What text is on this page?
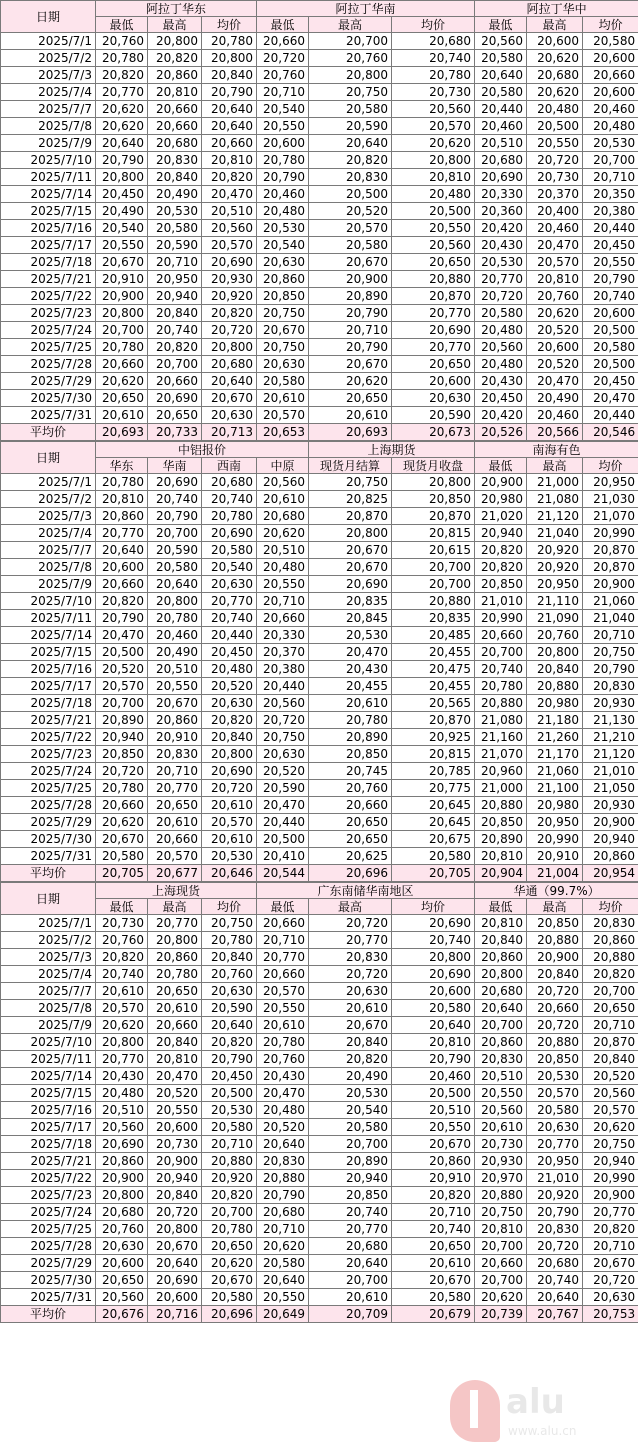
日期	阿拉丁华东			阿拉丁华南			阿拉丁华中		
	最低	最高	均价	最低	最高	均价	最低	最高	均价
2025/7/1	20,760	20,800	20,780	20,660	20,700	20,680	20,560	20,600	20,580
2025/7/2	20,780	20,820	20,800	20,720	20,760	20,740	20,580	20,620	20,600
2025/7/3	20,820	20,860	20,840	20,760	20,800	20,780	20,640	20,680	20,660
2025/7/4	20,770	20,810	20,790	20,710	20,750	20,730	20,580	20,620	20,600
2025/7/7	20,620	20,660	20,640	20,540	20,580	20,560	20,440	20,480	20,460
2025/7/8	20,620	20,660	20,640	20,550	20,590	20,570	20,460	20,500	20,480
2025/7/9	20,640	20,680	20,660	20,600	20,640	20,620	20,510	20,550	20,530
2025/7/10	20,790	20,830	20,810	20,780	20,820	20,800	20,680	20,720	20,700
2025/7/11	20,800	20,840	20,820	20,790	20,830	20,810	20,690	20,730	20,710
2025/7/14	20,450	20,490	20,470	20,460	20,500	20,480	20,330	20,370	20,350
2025/7/15	20,490	20,530	20,510	20,480	20,520	20,500	20,360	20,400	20,380
2025/7/16	20,540	20,580	20,560	20,530	20,570	20,550	20,420	20,460	20,440
2025/7/17	20,550	20,590	20,570	20,540	20,580	20,560	20,430	20,470	20,450
2025/7/18	20,670	20,710	20,690	20,630	20,670	20,650	20,530	20,570	20,550
2025/7/21	20,910	20,950	20,930	20,860	20,900	20,880	20,770	20,810	20,790
2025/7/22	20,900	20,940	20,920	20,850	20,890	20,870	20,720	20,760	20,740
2025/7/23	20,800	20,840	20,820	20,750	20,790	20,770	20,580	20,620	20,600
2025/7/24	20,700	20,740	20,720	20,670	20,710	20,690	20,480	20,520	20,500
2025/7/25	20,780	20,820	20,800	20,750	20,790	20,770	20,560	20,600	20,580
2025/7/28	20,660	20,700	20,680	20,630	20,670	20,650	20,480	20,520	20,500
2025/7/29	20,620	20,660	20,640	20,580	20,620	20,600	20,430	20,470	20,450
2025/7/30	20,650	20,690	20,670	20,610	20,650	20,630	20,450	20,490	20,470
2025/7/31	20,610	20,650	20,630	20,570	20,610	20,590	20,420	20,460	20,440
平均价	20,693	20,733	20,713	20,653	20,693	20,673	20,526	20,566	20,546
日期	中铝报价				上海期货		南海有色		
	华东	华南	西南	中原	现货月结算	现货月收盘	最低	最高	均价
2025/7/1	20,780	20,690	20,680	20,560	20,750	20,800	20,900	21,000	20,950
2025/7/2	20,810	20,740	20,740	20,610	20,825	20,850	20,980	21,080	21,030
2025/7/3	20,860	20,790	20,780	20,680	20,870	20,870	21,020	21,120	21,070
2025/7/4	20,770	20,700	20,690	20,620	20,800	20,815	20,940	21,040	20,990
2025/7/7	20,640	20,590	20,580	20,510	20,670	20,615	20,820	20,920	20,870
2025/7/8	20,600	20,580	20,540	20,480	20,670	20,700	20,820	20,920	20,870
2025/7/9	20,660	20,640	20,630	20,550	20,690	20,700	20,850	20,950	20,900
2025/7/10	20,820	20,800	20,770	20,710	20,835	20,880	21,010	21,110	21,060
2025/7/11	20,790	20,780	20,740	20,660	20,845	20,835	20,990	21,090	21,040
2025/7/14	20,470	20,460	20,440	20,330	20,530	20,485	20,660	20,760	20,710
2025/7/15	20,500	20,490	20,450	20,370	20,470	20,455	20,700	20,800	20,750
2025/7/16	20,520	20,510	20,480	20,380	20,430	20,475	20,740	20,840	20,790
2025/7/17	20,570	20,550	20,520	20,440	20,455	20,455	20,780	20,880	20,830
2025/7/18	20,700	20,670	20,630	20,560	20,610	20,565	20,880	20,980	20,930
2025/7/21	20,890	20,860	20,820	20,720	20,780	20,870	21,080	21,180	21,130
2025/7/22	20,940	20,910	20,840	20,750	20,890	20,925	21,160	21,260	21,210
2025/7/23	20,850	20,830	20,800	20,630	20,850	20,815	21,070	21,170	21,120
2025/7/24	20,720	20,710	20,690	20,520	20,745	20,785	20,960	21,060	21,010
2025/7/25	20,780	20,770	20,720	20,590	20,760	20,775	21,000	21,100	21,050
2025/7/28	20,660	20,650	20,610	20,470	20,660	20,645	20,880	20,980	20,930
2025/7/29	20,620	20,610	20,570	20,440	20,650	20,645	20,850	20,950	20,900
2025/7/30	20,670	20,660	20,610	20,500	20,650	20,675	20,890	20,990	20,940
2025/7/31	20,580	20,570	20,530	20,410	20,625	20,580	20,810	20,910	20,860
平均价	20,705	20,677	20,646	20,544	20,696	20,705	20,904	21,004	20,954
日期	上海现货			广东南储华南地区			华通（99.7%）		
	最低	最高	均价	最低	最高	均价	最低	最高	均价
2025/7/1	20,730	20,770	20,750	20,660	20,720	20,690	20,810	20,850	20,830
2025/7/2	20,760	20,800	20,780	20,710	20,770	20,740	20,840	20,880	20,860
2025/7/3	20,820	20,860	20,840	20,770	20,830	20,800	20,860	20,900	20,880
2025/7/4	20,740	20,780	20,760	20,660	20,720	20,690	20,800	20,840	20,820
2025/7/7	20,610	20,650	20,630	20,570	20,630	20,600	20,680	20,720	20,700
2025/7/8	20,570	20,610	20,590	20,550	20,610	20,580	20,640	20,660	20,650
2025/7/9	20,620	20,660	20,640	20,610	20,670	20,640	20,700	20,720	20,710
2025/7/10	20,800	20,840	20,820	20,780	20,840	20,810	20,860	20,880	20,870
2025/7/11	20,770	20,810	20,790	20,760	20,820	20,790	20,830	20,850	20,840
2025/7/14	20,430	20,470	20,450	20,430	20,490	20,460	20,510	20,530	20,520
2025/7/15	20,480	20,520	20,500	20,470	20,530	20,500	20,550	20,570	20,560
2025/7/16	20,510	20,550	20,530	20,480	20,540	20,510	20,560	20,580	20,570
2025/7/17	20,560	20,600	20,580	20,520	20,580	20,550	20,610	20,630	20,620
2025/7/18	20,690	20,730	20,710	20,640	20,700	20,670	20,730	20,770	20,750
2025/7/21	20,860	20,900	20,880	20,830	20,890	20,860	20,930	20,950	20,940
2025/7/22	20,900	20,940	20,920	20,880	20,940	20,910	20,970	21,010	20,990
2025/7/23	20,800	20,840	20,820	20,790	20,850	20,820	20,880	20,920	20,900
2025/7/24	20,680	20,720	20,700	20,680	20,740	20,710	20,750	20,790	20,770
2025/7/25	20,760	20,800	20,780	20,710	20,770	20,740	20,810	20,830	20,820
2025/7/28	20,630	20,670	20,650	20,620	20,680	20,650	20,700	20,720	20,710
2025/7/29	20,600	20,640	20,620	20,580	20,640	20,610	20,660	20,680	20,670
2025/7/30	20,650	20,690	20,670	20,640	20,700	20,670	20,700	20,740	20,720
2025/7/31	20,560	20,600	20,580	20,550	20,610	20,580	20,620	20,640	20,630
平均价	20,676	20,716	20,696	20,649	20,709	20,679	20,739	20,767	20,753
alu
www.alu.cn
